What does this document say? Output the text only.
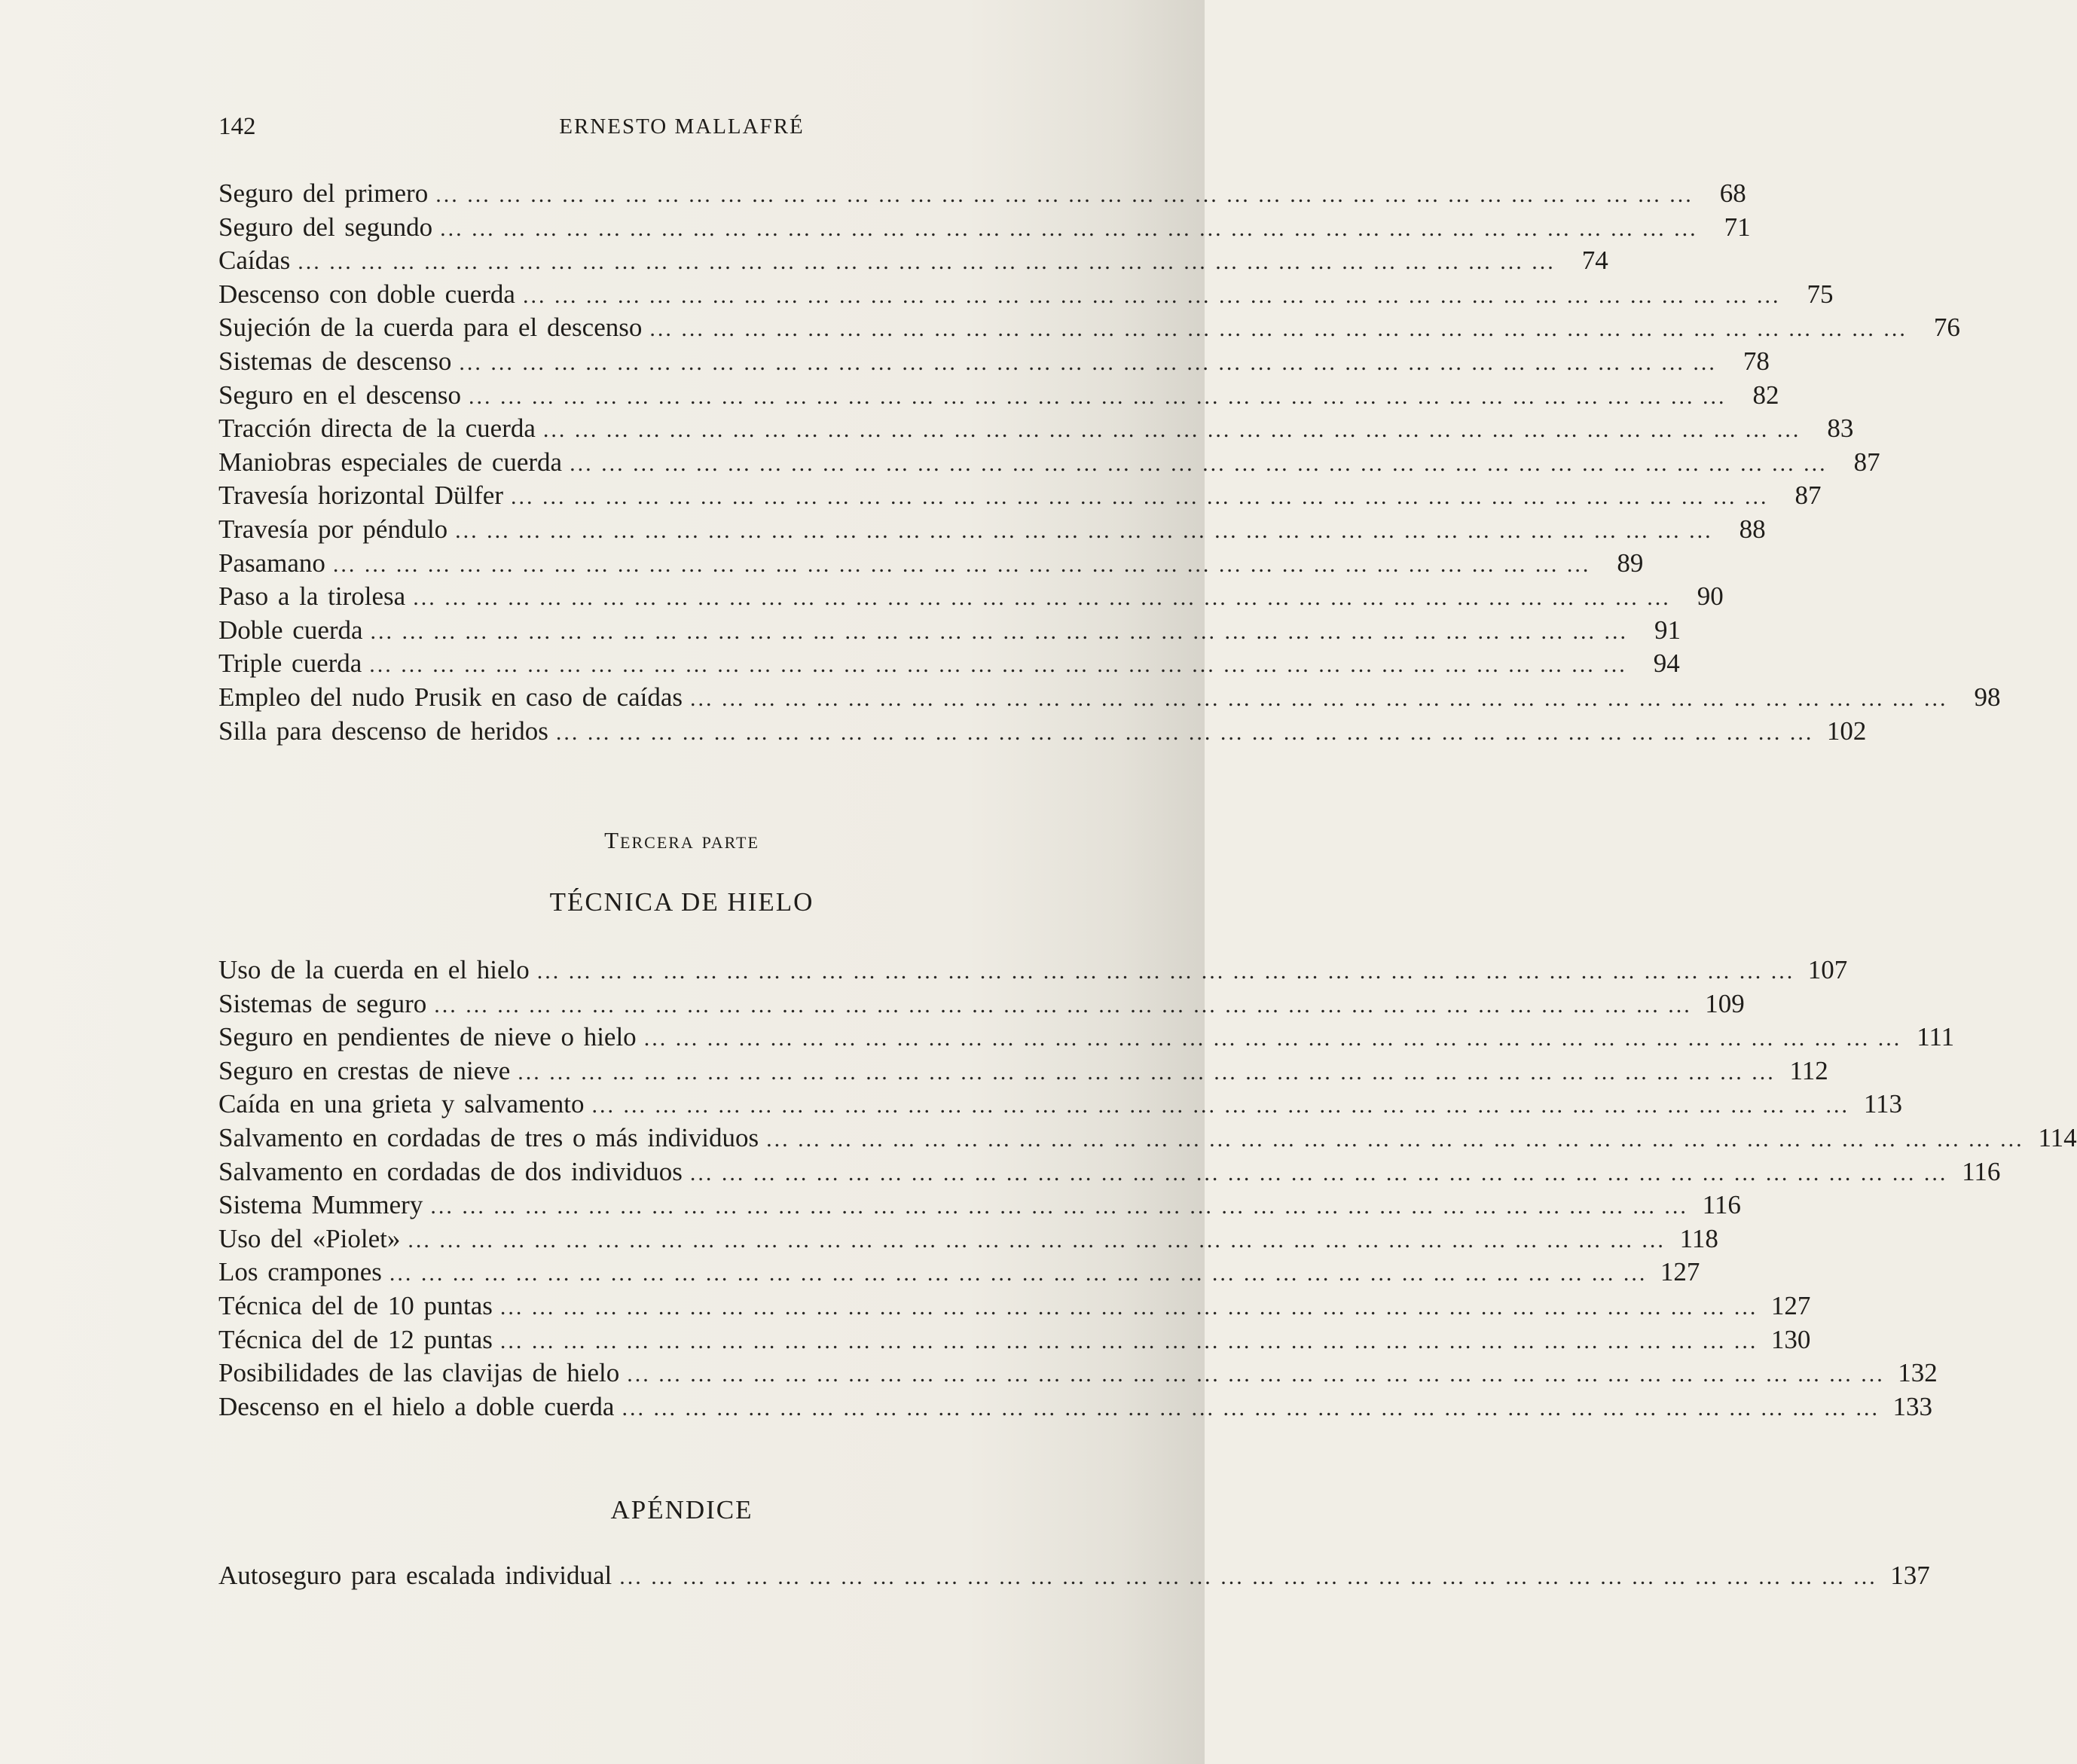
142	ERNESTO MALLAFRÉ
Seguro del primero ... ... ... ... ... ... ... ... ... ... ... ... ... ... ... ... ... ... ... ... ... ... ... ... ... ... ... ... ... ... ... ... ... ... ... ... ... ... ... ...	68
Seguro del segundo ... ... ... ... ... ... ... ... ... ... ... ... ... ... ... ... ... ... ... ... ... ... ... ... ... ... ... ... ... ... ... ... ... ... ... ... ... ... ... ...	71
Caídas ... ... ... ... ... ... ... ... ... ... ... ... ... ... ... ... ... ... ... ... ... ... ... ... ... ... ... ... ... ... ... ... ... ... ... ... ... ... ... ...	74
Descenso con doble cuerda ... ... ... ... ... ... ... ... ... ... ... ... ... ... ... ... ... ... ... ... ... ... ... ... ... ... ... ... ... ... ... ... ... ... ... ... ... ... ... ...	75
Sujeción de la cuerda para el descenso ... ... ... ... ... ... ... ... ... ... ... ... ... ... ... ... ... ... ... ... ... ... ... ... ... ... ... ... ... ... ... ... ... ... ... ... ... ... ... ...	76
Sistemas de descenso ... ... ... ... ... ... ... ... ... ... ... ... ... ... ... ... ... ... ... ... ... ... ... ... ... ... ... ... ... ... ... ... ... ... ... ... ... ... ... ...	78
Seguro en el descenso ... ... ... ... ... ... ... ... ... ... ... ... ... ... ... ... ... ... ... ... ... ... ... ... ... ... ... ... ... ... ... ... ... ... ... ... ... ... ... ...	82
Tracción directa de la cuerda ... ... ... ... ... ... ... ... ... ... ... ... ... ... ... ... ... ... ... ... ... ... ... ... ... ... ... ... ... ... ... ... ... ... ... ... ... ... ... ...	83
Maniobras especiales de cuerda ... ... ... ... ... ... ... ... ... ... ... ... ... ... ... ... ... ... ... ... ... ... ... ... ... ... ... ... ... ... ... ... ... ... ... ... ... ... ... ...	87
Travesía horizontal Dülfer ... ... ... ... ... ... ... ... ... ... ... ... ... ... ... ... ... ... ... ... ... ... ... ... ... ... ... ... ... ... ... ... ... ... ... ... ... ... ... ...	87
Travesía por péndulo ... ... ... ... ... ... ... ... ... ... ... ... ... ... ... ... ... ... ... ... ... ... ... ... ... ... ... ... ... ... ... ... ... ... ... ... ... ... ... ...	88
Pasamano ... ... ... ... ... ... ... ... ... ... ... ... ... ... ... ... ... ... ... ... ... ... ... ... ... ... ... ... ... ... ... ... ... ... ... ... ... ... ... ...	89
Paso a la tirolesa ... ... ... ... ... ... ... ... ... ... ... ... ... ... ... ... ... ... ... ... ... ... ... ... ... ... ... ... ... ... ... ... ... ... ... ... ... ... ... ...	90
Doble cuerda ... ... ... ... ... ... ... ... ... ... ... ... ... ... ... ... ... ... ... ... ... ... ... ... ... ... ... ... ... ... ... ... ... ... ... ... ... ... ... ...	91
Triple cuerda ... ... ... ... ... ... ... ... ... ... ... ... ... ... ... ... ... ... ... ... ... ... ... ... ... ... ... ... ... ... ... ... ... ... ... ... ... ... ... ...	94
Empleo del nudo Prusik en caso de caídas ... ... ... ... ... ... ... ... ... ... ... ... ... ... ... ... ... ... ... ... ... ... ... ... ... ... ... ... ... ... ... ... ... ... ... ... ... ... ... ...	98
Silla para descenso de heridos ... ... ... ... ... ... ... ... ... ... ... ... ... ... ... ... ... ... ... ... ... ... ... ... ... ... ... ... ... ... ... ... ... ... ... ... ... ... ... ... 102
Tercera parte
TÉCNICA DE HIELO
Uso de la cuerda en el hielo ... ... ... ... ... ... ... ... ... ... ... ... ... ... ... ... ... ... ... ... ... ... ... ... ... ... ... ... ... ... ... ... ... ... ... ... ... ... ... ... 107
Sistemas de seguro ... ... ... ... ... ... ... ... ... ... ... ... ... ... ... ... ... ... ... ... ... ... ... ... ... ... ... ... ... ... ... ... ... ... ... ... ... ... ... ... 109
Seguro en pendientes de nieve o hielo ... ... ... ... ... ... ... ... ... ... ... ... ... ... ... ... ... ... ... ... ... ... ... ... ... ... ... ... ... ... ... ... ... ... ... ... ... ... ... ... 111
Seguro en crestas de nieve ... ... ... ... ... ... ... ... ... ... ... ... ... ... ... ... ... ... ... ... ... ... ... ... ... ... ... ... ... ... ... ... ... ... ... ... ... ... ... ... 112
Caída en una grieta y salvamento ... ... ... ... ... ... ... ... ... ... ... ... ... ... ... ... ... ... ... ... ... ... ... ... ... ... ... ... ... ... ... ... ... ... ... ... ... ... ... ... 113
Salvamento en cordadas de tres o más individuos ... ... ... ... ... ... ... ... ... ... ... ... ... ... ... ... ... ... ... ... ... ... ... ... ... ... ... ... ... ... ... ... ... ... ... ... ... ... ... ... 114
Salvamento en cordadas de dos individuos ... ... ... ... ... ... ... ... ... ... ... ... ... ... ... ... ... ... ... ... ... ... ... ... ... ... ... ... ... ... ... ... ... ... ... ... ... ... ... ... 116
Sistema Mummery ... ... ... ... ... ... ... ... ... ... ... ... ... ... ... ... ... ... ... ... ... ... ... ... ... ... ... ... ... ... ... ... ... ... ... ... ... ... ... ... 116
Uso del «Piolet» ... ... ... ... ... ... ... ... ... ... ... ... ... ... ... ... ... ... ... ... ... ... ... ... ... ... ... ... ... ... ... ... ... ... ... ... ... ... ... ... 118
Los crampones ... ... ... ... ... ... ... ... ... ... ... ... ... ... ... ... ... ... ... ... ... ... ... ... ... ... ... ... ... ... ... ... ... ... ... ... ... ... ... ... 127
Técnica del de 10 puntas ... ... ... ... ... ... ... ... ... ... ... ... ... ... ... ... ... ... ... ... ... ... ... ... ... ... ... ... ... ... ... ... ... ... ... ... ... ... ... ... 127
Técnica del de 12 puntas ... ... ... ... ... ... ... ... ... ... ... ... ... ... ... ... ... ... ... ... ... ... ... ... ... ... ... ... ... ... ... ... ... ... ... ... ... ... ... ... 130
Posibilidades de las clavijas de hielo ... ... ... ... ... ... ... ... ... ... ... ... ... ... ... ... ... ... ... ... ... ... ... ... ... ... ... ... ... ... ... ... ... ... ... ... ... ... ... ... 132
Descenso en el hielo a doble cuerda ... ... ... ... ... ... ... ... ... ... ... ... ... ... ... ... ... ... ... ... ... ... ... ... ... ... ... ... ... ... ... ... ... ... ... ... ... ... ... ... 133
APÉNDICE
Autoseguro para escalada individual ... ... ... ... ... ... ... ... ... ... ... ... ... ... ... ... ... ... ... ... ... ... ... ... ... ... ... ... ... ... ... ... ... ... ... ... ... ... ... ... 137
